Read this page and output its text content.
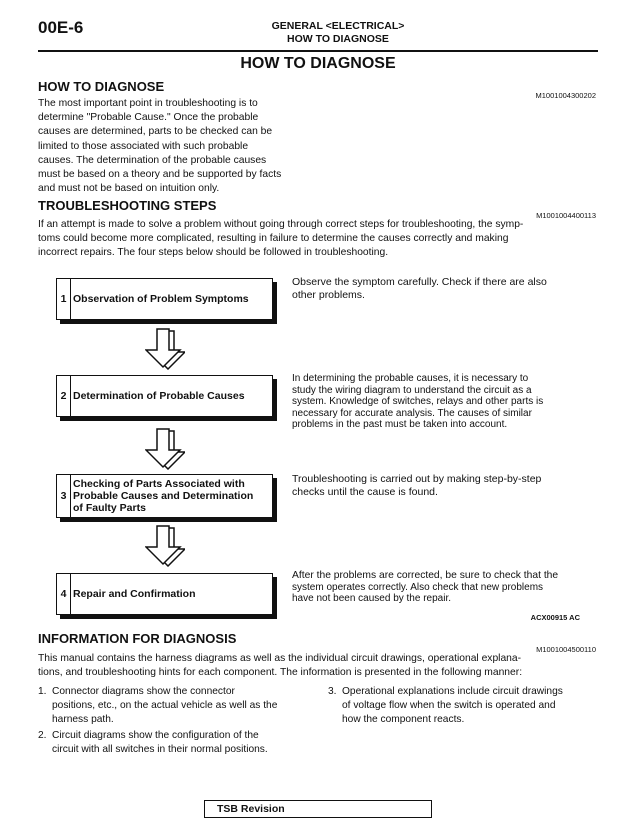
00E-6	GENERAL <ELECTRICAL>
HOW TO DIAGNOSE
HOW TO DIAGNOSE
HOW TO DIAGNOSE
M1001004300202
The most important point in troubleshooting is to
determine "Probable Cause." Once the probable
causes are determined, parts to be checked can be
limited to those associated with such probable
causes. The determination of the probable causes
must be based on a theory and be supported by facts
and must not be based on intuition only.
TROUBLESHOOTING STEPS
M1001004400113
If an attempt is made to solve a problem without going through correct steps for troubleshooting, the symp-
toms could become more complicated, resulting in failure to determine the causes correctly and making
incorrect repairs. The four steps below should be followed in troubleshooting.
1 Observation of Problem Symptoms
Observe the symptom carefully. Check if there are also
other problems.
2 Determination of Probable Causes
In determining the probable causes, it is necessary to
study the wiring diagram to understand the circuit as a
system. Knowledge of switches, relays and other parts is
necessary for accurate analysis. The causes of similar
problems in the past must be taken into account.
3
Checking of Parts Associated with
Probable Causes and Determination
of Faulty Parts
Troubleshooting is carried out by making step-by-step
checks until the cause is found.
4 Repair and Confirmation
After the problems are corrected, be sure to check that the
system operates correctly. Also check that new problems
have not been caused by the repair.
ACX00915 AC
INFORMATION FOR DIAGNOSIS
M1001004500110
This manual contains the harness diagrams as well as the individual circuit drawings, operational explana-
tions, and troubleshooting hints for each component. The information is presented in the following manner:
1. Connector diagrams show the connector
positions, etc., on the actual vehicle as well as the
harness path.
2. Circuit diagrams show the configuration of the
circuit with all switches in their normal positions.
3. Operational explanations include circuit drawings
of voltage flow when the switch is operated and
how the component reacts.
TSB Revision
